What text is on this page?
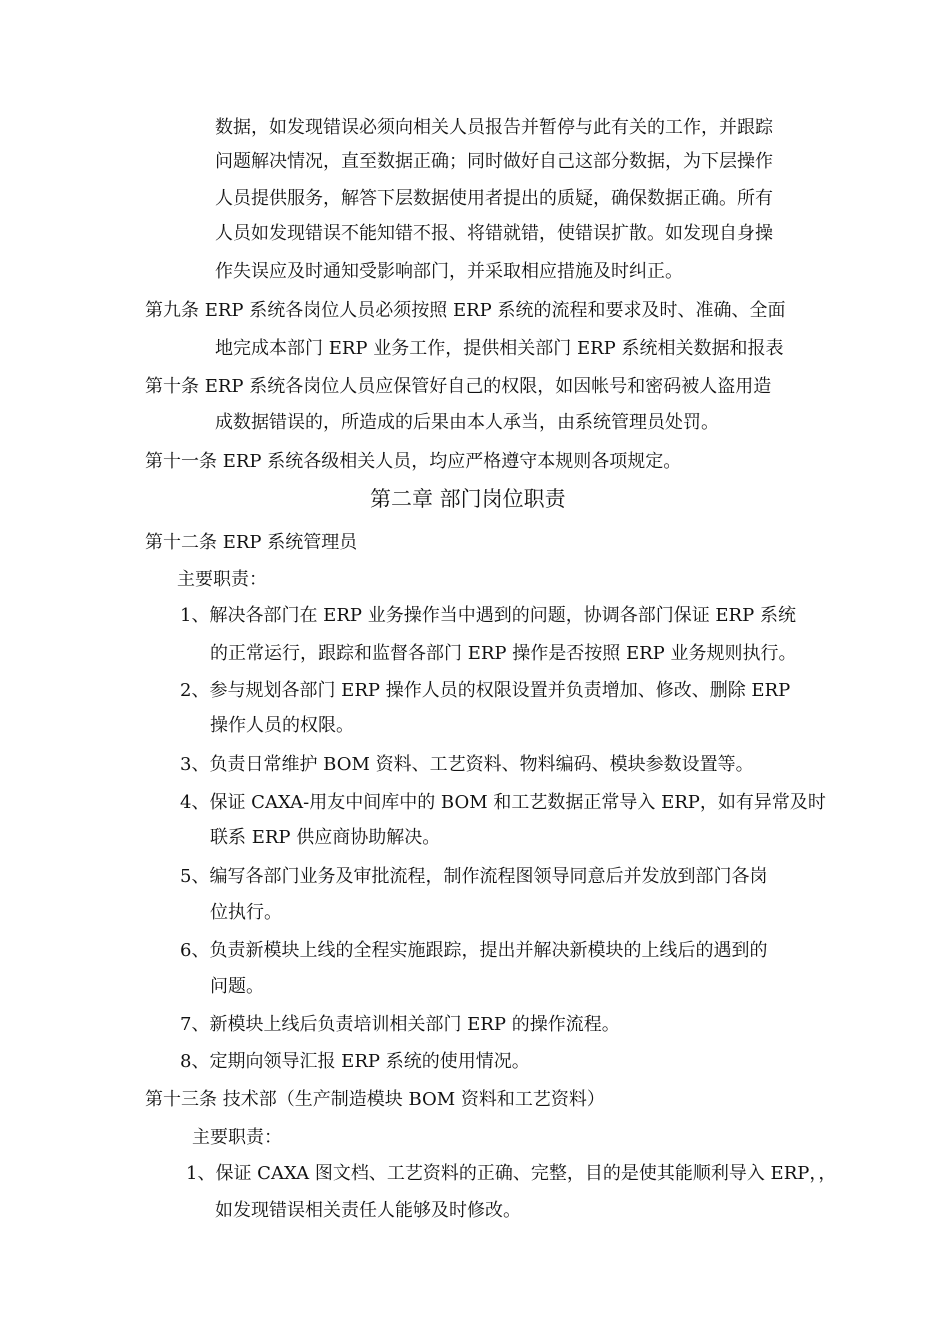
数据，如发现错误必须向相关人员报告并暂停与此有关的工作，并跟踪
问题解决情况，直至数据正确；同时做好自己这部分数据，为下层操作
人员提供服务，解答下层数据使用者提出的质疑，确保数据正确。所有
人员如发现错误不能知错不报、将错就错，使错误扩散。如发现自身操
作失误应及时通知受影响部门，并采取相应措施及时纠正。
第九条 ERP 系统各岗位人员必须按照 ERP 系统的流程和要求及时、准确、全面
地完成本部门 ERP 业务工作，提供相关部门 ERP 系统相关数据和报表
第十条 ERP 系统各岗位人员应保管好自己的权限，如因帐号和密码被人盗用造
成数据错误的，所造成的后果由本人承当，由系统管理员处罚。
第十一条 ERP 系统各级相关人员，均应严格遵守本规则各项规定。
第二章 部门岗位职责
第十二条 ERP 系统管理员
主要职责：
1、解决各部门在 ERP 业务操作当中遇到的问题，协调各部门保证 ERP 系统
的正常运行，跟踪和监督各部门 ERP 操作是否按照 ERP 业务规则执行。
2、参与规划各部门 ERP 操作人员的权限设置并负责增加、修改、删除 ERP
操作人员的权限。
3、负责日常维护 BOM 资料、工艺资料、物料编码、模块参数设置等。
4、保证 CAXA-用友中间库中的 BOM 和工艺数据正常导入 ERP，如有异常及时
联系 ERP 供应商协助解决。
5、编写各部门业务及审批流程，制作流程图领导同意后并发放到部门各岗
位执行。
6、负责新模块上线的全程实施跟踪，提出并解决新模块的上线后的遇到的
问题。
7、新模块上线后负责培训相关部门 ERP 的操作流程。
8、定期向领导汇报 ERP 系统的使用情况。
第十三条 技术部（生产制造模块 BOM 资料和工艺资料）
主要职责：
1、保证 CAXA 图文档、工艺资料的正确、完整，目的是使其能顺利导入 ERP，，
如发现错误相关责任人能够及时修改。
